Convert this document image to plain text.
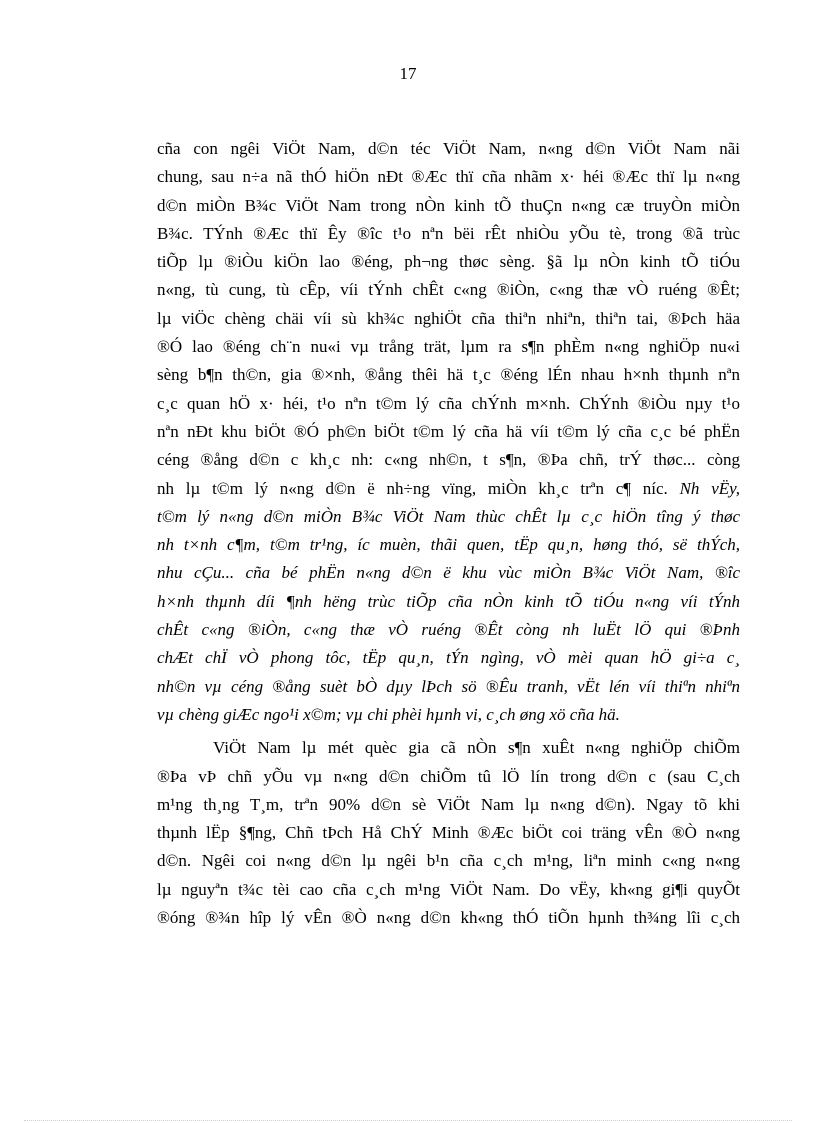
17
cña con ngêi ViÖt Nam, d©n téc ViÖt Nam, n«ng d©n ViÖt Nam nãi
chung, sau n÷a nã thÓ hiÖn nÐt ®Æc thï cña nhãm x· héi ®Æc thï lµ n«ng
d©n miÒn B¾c ViÖt Nam trong nÒn kinh tÕ thuÇn n«ng cæ truyÒn miÒn
B¾c. TÝnh ®Æc thï Êy ®îc t¹o nªn bëi rÊt nhiÒu yÕu tè, trong ®ã trùc
tiÕp lµ ®iÒu kiÖn lao ®éng, ph¬ng thøc sèng. §ã lµ nÒn kinh tÕ tiÓu
n«ng, tù cung, tù cÊp, víi tÝnh chÊt c«ng ®iÒn, c«ng thæ vÒ ruéng ®Êt;
lµ viÖc chèng chäi víi sù kh¾c nghiÖt cña thiªn nhiªn, thiªn tai, ®Þch häa
®Ó lao ®éng ch¨n nu«i vµ trång trät, lµm ra s¶n phÈm n«ng nghiÖp nu«i
sèng b¶n th©n, gia ®×nh, ®ång thêi hä t¸c ®éng lÉn nhau h×nh thµnh nªn
c¸c quan hÖ x· héi, t¹o nªn t©m lý cña chÝnh m×nh. ChÝnh ®iÒu nµy t¹o
nªn nÐt khu biÖt ®Ó ph©n biÖt t©m lý cña hä víi t©m lý cña c¸c bé phËn
céng ®ång d©n c kh¸c nh: c«ng nh©n, t s¶n, ®Þa chñ, trÝ thøc... còng
nh lµ t©m lý n«ng d©n ë nh÷ng vïng, miÒn kh¸c trªn c¶ níc. Nh vËy,
t©m lý n«ng d©n miÒn B¾c ViÖt Nam thùc chÊt lµ c¸c hiÖn tîng ý thøc
nh t×nh c¶m, t©m tr¹ng, íc muèn, thãi quen, tËp qu¸n, høng thó, së thÝch,
nhu cÇu... cña bé phËn n«ng d©n ë khu vùc miÒn B¾c ViÖt Nam, ®îc
h×nh thµnh díi ¶nh hëng trùc tiÕp cña nÒn kinh tÕ tiÓu n«ng víi tÝnh
chÊt c«ng ®iÒn, c«ng thæ vÒ ruéng ®Êt còng nh luËt lÖ qui ®Þnh
chÆt chÏ vÒ phong tôc, tËp qu¸n, tÝn ngìng, vÒ mèi quan hÖ gi÷a c¸
nh©n vµ céng ®ång suèt bÒ dµy lÞch sö ®Êu tranh, vËt lén víi thiªn nhiªn
vµ chèng giÆc ngo¹i x©m; vµ chi phèi hµnh vi, c¸ch øng xö cña hä.
ViÖt Nam lµ mét quèc gia cã nÒn s¶n xuÊt n«ng nghiÖp chiÕm
®Þa vÞ chñ yÕu vµ n«ng d©n chiÕm tû lÖ lín trong d©n c (sau C¸ch
m¹ng th¸ng T¸m, trªn 90% d©n sè ViÖt Nam lµ n«ng d©n). Ngay tõ khi
thµnh lËp §¶ng, Chñ tÞch Hå ChÝ Minh ®Æc biÖt coi träng vÊn ®Ò n«ng
d©n. Ngêi coi n«ng d©n lµ ngêi b¹n cña c¸ch m¹ng, liªn minh c«ng n«ng
lµ nguyªn t¾c tèi cao cña c¸ch m¹ng ViÖt Nam. Do vËy, kh«ng gi¶i quyÕt
®óng ®¾n hîp lý vÊn ®Ò n«ng d©n kh«ng thÓ tiÕn hµnh th¾ng lîi c¸ch
